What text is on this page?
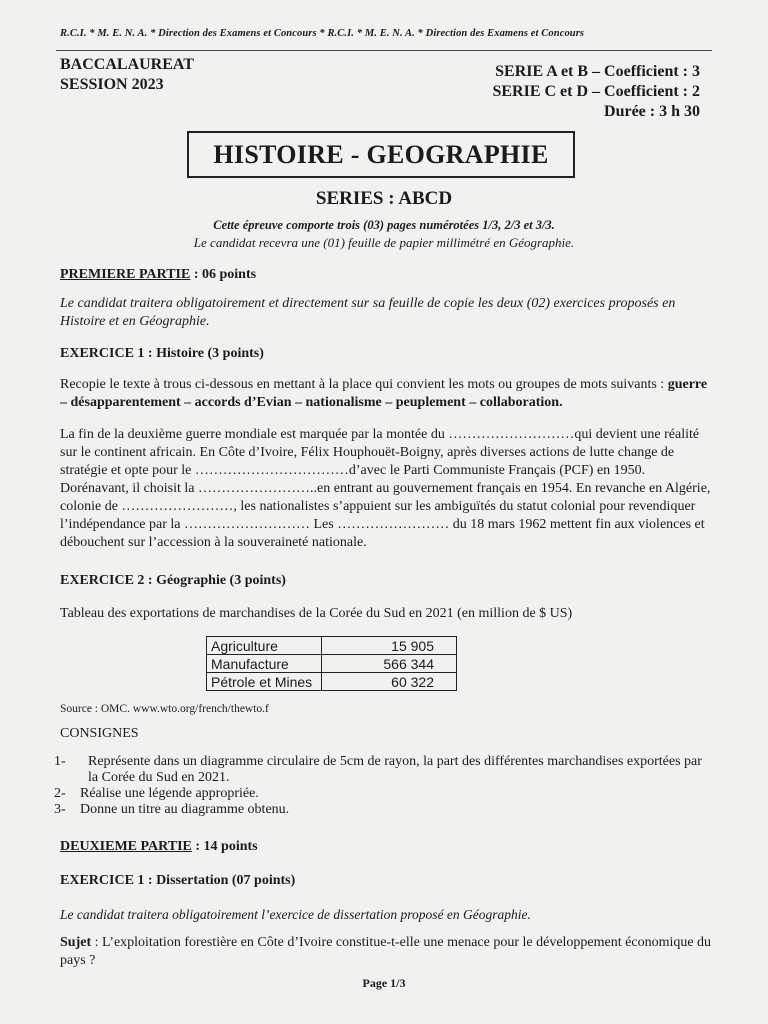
R.C.I. * M. E. N. A. * Direction des Examens et Concours * R.C.I. * M. E. N. A. * Direction des Examens et Concours
BACCALAUREAT
SESSION 2023
SERIE A et B – Coefficient : 3
SERIE C et D – Coefficient : 2
Durée : 3 h 30
HISTOIRE - GEOGRAPHIE
SERIES : ABCD
Cette épreuve comporte trois (03) pages numérotées 1/3, 2/3 et 3/3.
Le candidat recevra une (01) feuille de papier millimétré en Géographie.
PREMIERE PARTIE : 06 points
Le candidat traitera obligatoirement et directement sur sa feuille de copie les deux (02) exercices proposés en Histoire et en Géographie.
EXERCICE 1 : Histoire (3 points)
Recopie le texte à trous ci-dessous en mettant à la place qui convient les mots ou groupes de mots suivants : guerre – désapparentement – accords d’Evian – nationalisme – peuplement – collaboration.
La fin de la deuxième guerre mondiale est marquée par la montée du ………………………qui devient une réalité sur le continent africain. En Côte d’Ivoire, Félix Houphouët-Boigny, après diverses actions de lutte change de stratégie et opte pour le ……………………………d’avec le Parti Communiste Français (PCF) en 1950. Dorénavant, il choisit la ……………………..en entrant au gouvernement français en 1954. En revanche en Algérie, colonie de ……………………, les nationalistes s’appuient sur les ambiguïtés du statut colonial pour revendiquer l’indépendance par la ……………………… Les …………………… du 18 mars 1962 mettent fin aux violences et débouchent sur l’accession à la souveraineté nationale.
EXERCICE 2 : Géographie (3 points)
Tableau des exportations de marchandises de la Corée du Sud en 2021 (en million de $ US)
Agriculture	15 905
Manufacture	566 344
Pétrole et Mines	60 322
Source : OMC. www.wto.org/french/thewto.f
CONSIGNES
1-	Représente dans un diagramme circulaire de 5cm de rayon, la part des différentes marchandises exportées par la Corée du Sud en 2021.
2-	Réalise une légende appropriée.
3-	Donne un titre au diagramme obtenu.
DEUXIEME PARTIE : 14 points
EXERCICE 1 : Dissertation (07 points)
Le candidat traitera obligatoirement l’exercice de dissertation proposé en Géographie.
Sujet : L’exploitation forestière en Côte d’Ivoire constitue-t-elle une menace pour le développement économique du pays ?
Page 1/3
